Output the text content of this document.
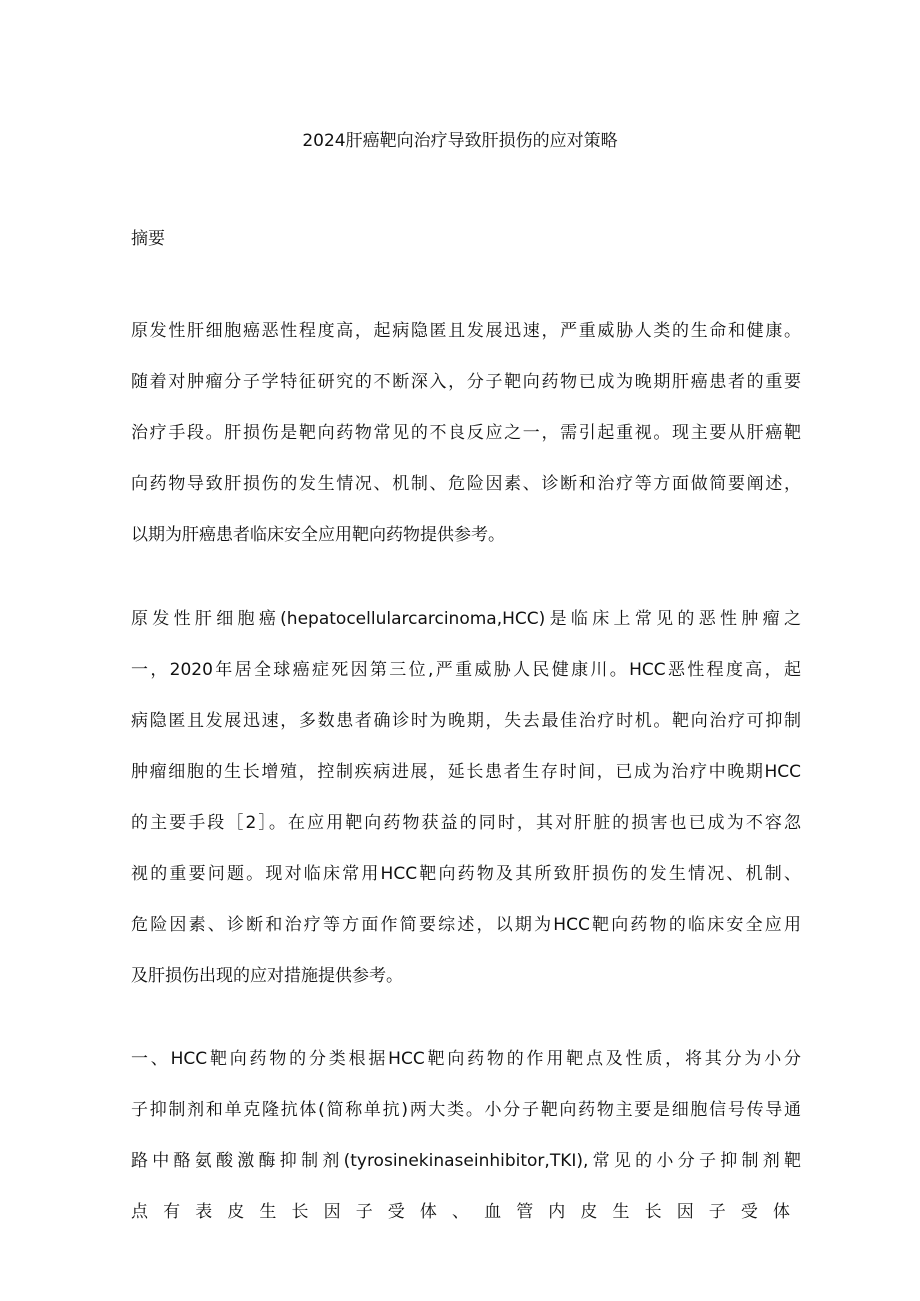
2024肝癌靶向治疗导致肝损伤的应对策略
摘要
原发性肝细胞癌恶性程度高，起病隐匿且发展迅速，严重威胁人类的生命和健康。
随着对肿瘤分子学特征研究的不断深入，分子靶向药物已成为晚期肝癌患者的重要
治疗手段。肝损伤是靶向药物常见的不良反应之一，需引起重视。现主要从肝癌靶
向药物导致肝损伤的发生情况、机制、危险因素、诊断和治疗等方面做简要阐述，
以期为肝癌患者临床安全应用靶向药物提供参考。
原发性肝细胞癌(hepatocellularcarcinoma,HCC)是临床上常见的恶性肿瘤之
一，2020年居全球癌症死因第三位,严重威胁人民健康川。HCC恶性程度高，起
病隐匿且发展迅速，多数患者确诊时为晚期，失去最佳治疗时机。靶向治疗可抑制
肿瘤细胞的生长增殖，控制疾病进展，延长患者生存时间，已成为治疗中晚期HCC
的主要手段［2］。在应用靶向药物获益的同时，其对肝脏的损害也已成为不容忽
视的重要问题。现对临床常用HCC靶向药物及其所致肝损伤的发生情况、机制、
危险因素、诊断和治疗等方面作简要综述，以期为HCC靶向药物的临床安全应用
及肝损伤出现的应对措施提供参考。
一、HCC靶向药物的分类根据HCC靶向药物的作用靶点及性质，将其分为小分
子抑制剂和单克隆抗体(简称单抗)两大类。小分子靶向药物主要是细胞信号传导通
路中酪氨酸激酶抑制剂(tyrosinekinaseinhibitor,TKI),常见的小分子抑制剂靶
点有表皮生长因子受体、血管内皮生长因子受体
